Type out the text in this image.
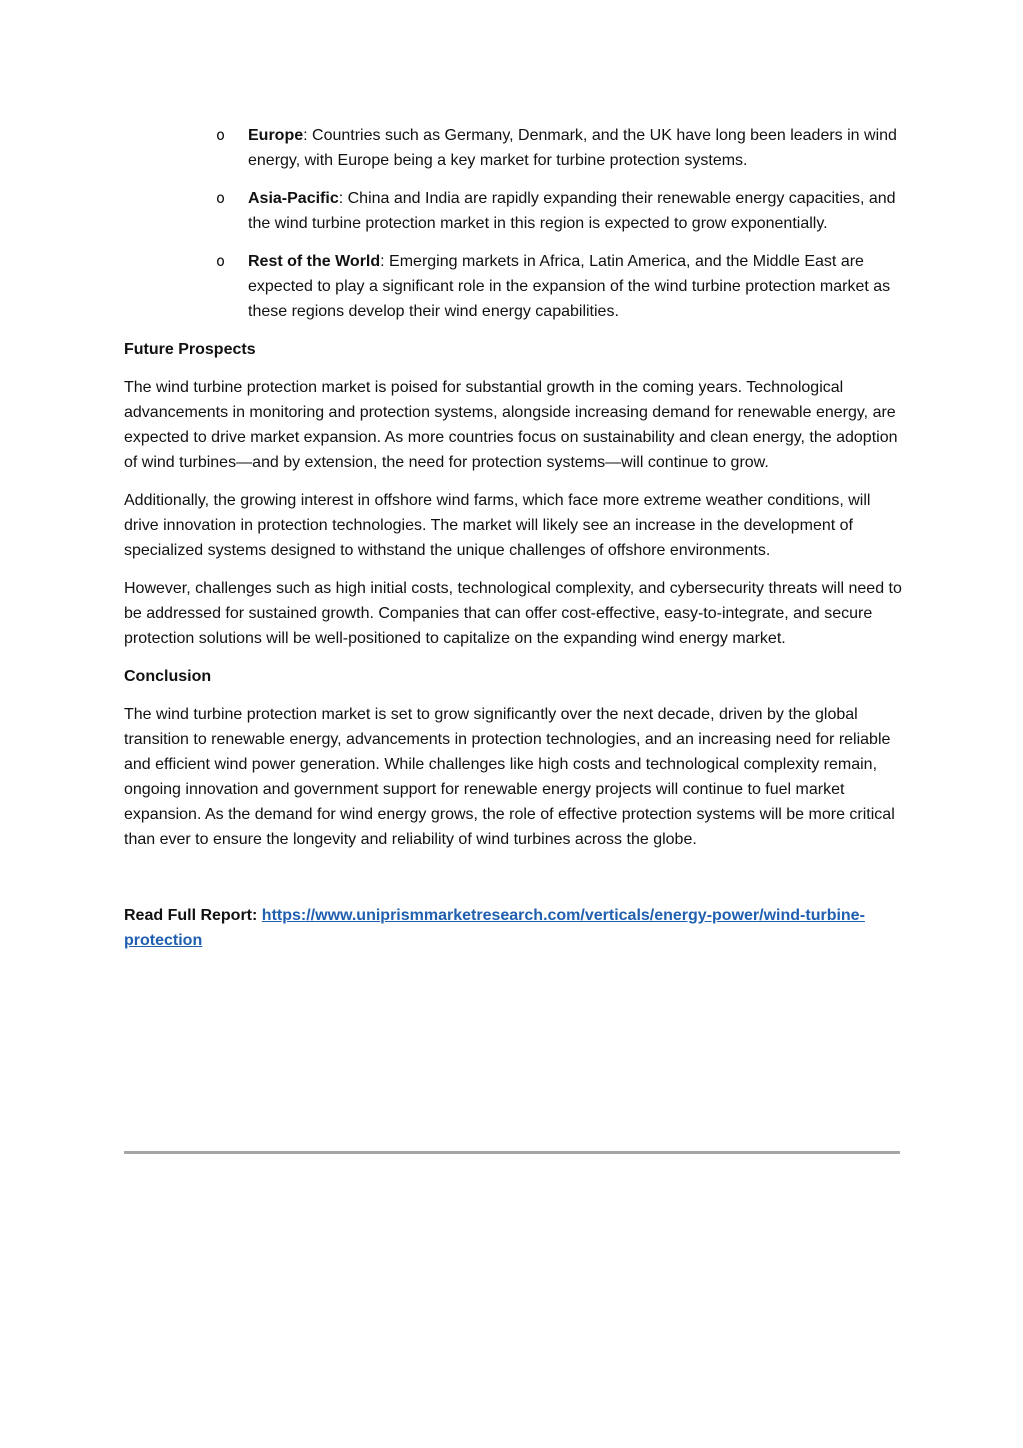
o Europe: Countries such as Germany, Denmark, and the UK have long been leaders in wind energy, with Europe being a key market for turbine protection systems.
o Asia-Pacific: China and India are rapidly expanding their renewable energy capacities, and the wind turbine protection market in this region is expected to grow exponentially.
o Rest of the World: Emerging markets in Africa, Latin America, and the Middle East are expected to play a significant role in the expansion of the wind turbine protection market as these regions develop their wind energy capabilities.
Future Prospects

The wind turbine protection market is poised for substantial growth in the coming years. Technological advancements in monitoring and protection systems, alongside increasing demand for renewable energy, are expected to drive market expansion. As more countries focus on sustainability and clean energy, the adoption of wind turbines—and by extension, the need for protection systems—will continue to grow.

Additionally, the growing interest in offshore wind farms, which face more extreme weather conditions, will drive innovation in protection technologies. The market will likely see an increase in the development of specialized systems designed to withstand the unique challenges of offshore environments.

However, challenges such as high initial costs, technological complexity, and cybersecurity threats will need to be addressed for sustained growth. Companies that can offer cost-effective, easy-to-integrate, and secure protection solutions will be well-positioned to capitalize on the expanding wind energy market.

Conclusion

The wind turbine protection market is set to grow significantly over the next decade, driven by the global transition to renewable energy, advancements in protection technologies, and an increasing need for reliable and efficient wind power generation. While challenges like high costs and technological complexity remain, ongoing innovation and government support for renewable energy projects will continue to fuel market expansion. As the demand for wind energy grows, the role of effective protection systems will be more critical than ever to ensure the longevity and reliability of wind turbines across the globe.

Read Full Report: https://www.uniprismmarketresearch.com/verticals/energy-power/wind-turbine-protection
